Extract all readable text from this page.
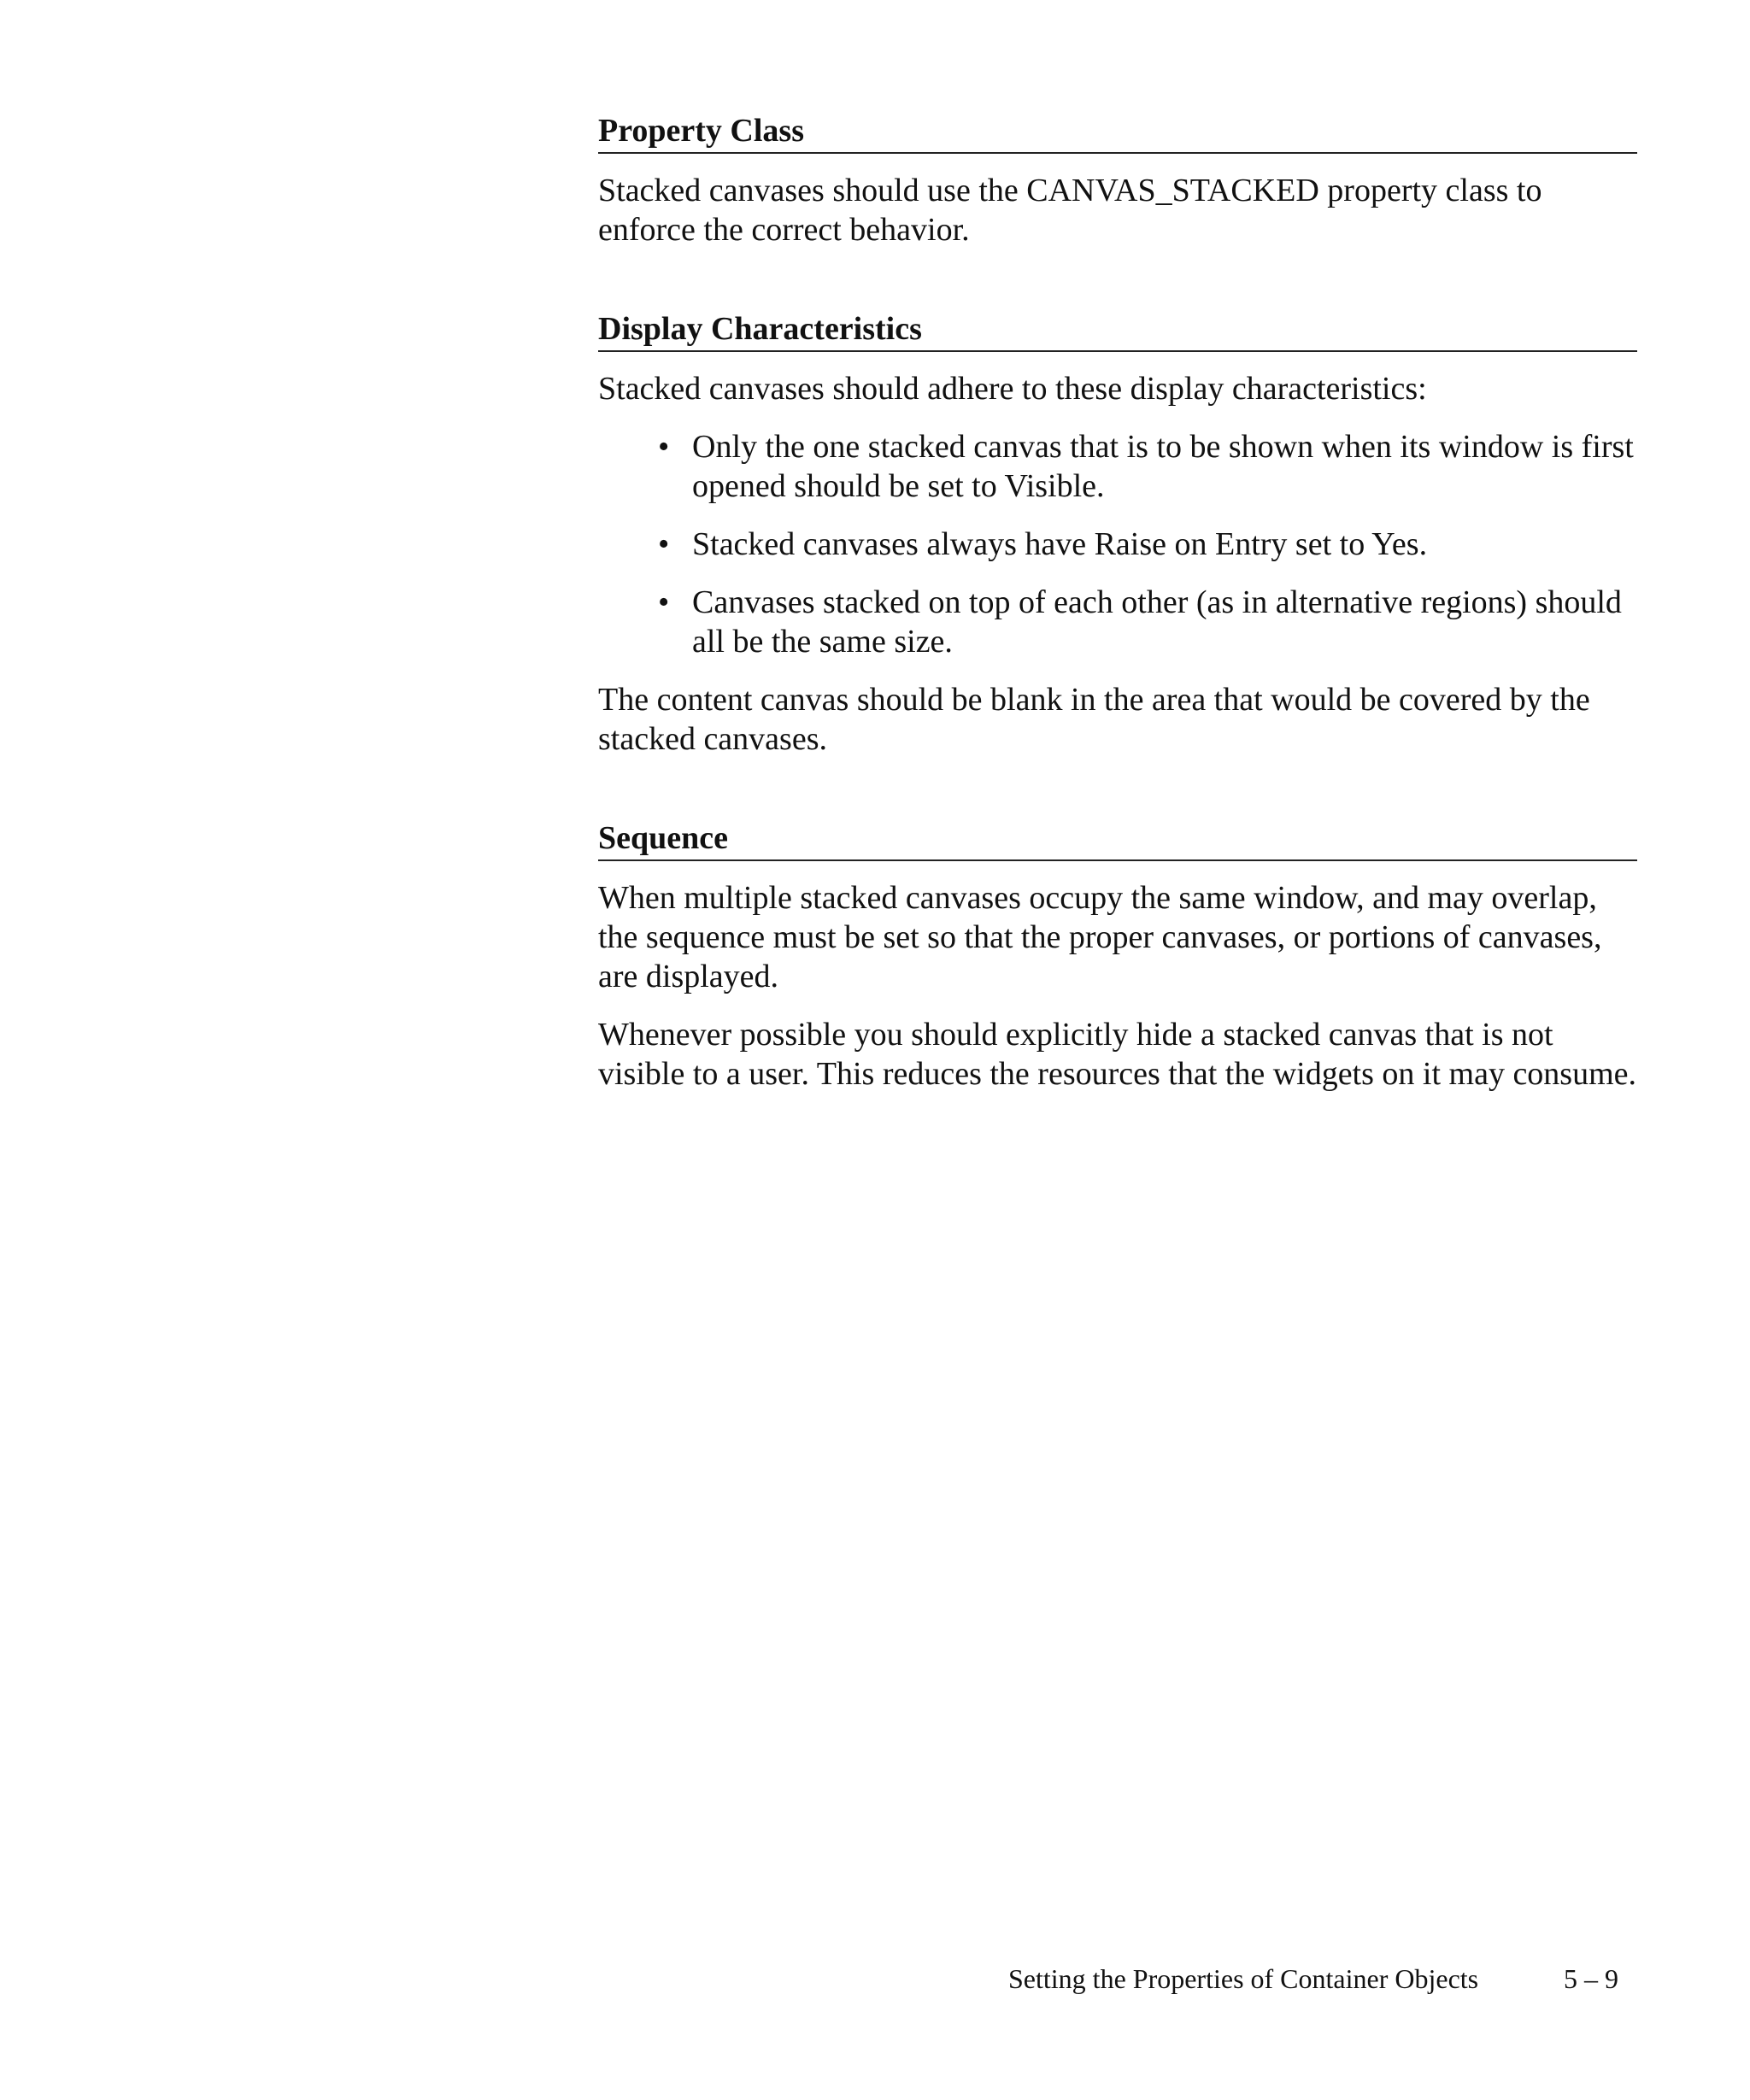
Property Class

Stacked canvases should use the CANVAS_STACKED property class to enforce the correct behavior.

Display Characteristics

Stacked canvases should adhere to these display characteristics:

• Only the one stacked canvas that is to be shown when its window is first opened should be set to Visible.
• Stacked canvases always have Raise on Entry set to Yes.
• Canvases stacked on top of each other (as in alternative regions) should all be the same size.

The content canvas should be blank in the area that would be covered by the stacked canvases.

Sequence

When multiple stacked canvases occupy the same window, and may overlap, the sequence must be set so that the proper canvases, or portions of canvases, are displayed.

Whenever possible you should explicitly hide a stacked canvas that is not visible to a user. This reduces the resources that the widgets on it may consume.

Setting the Properties of Container Objects	5 – 9
